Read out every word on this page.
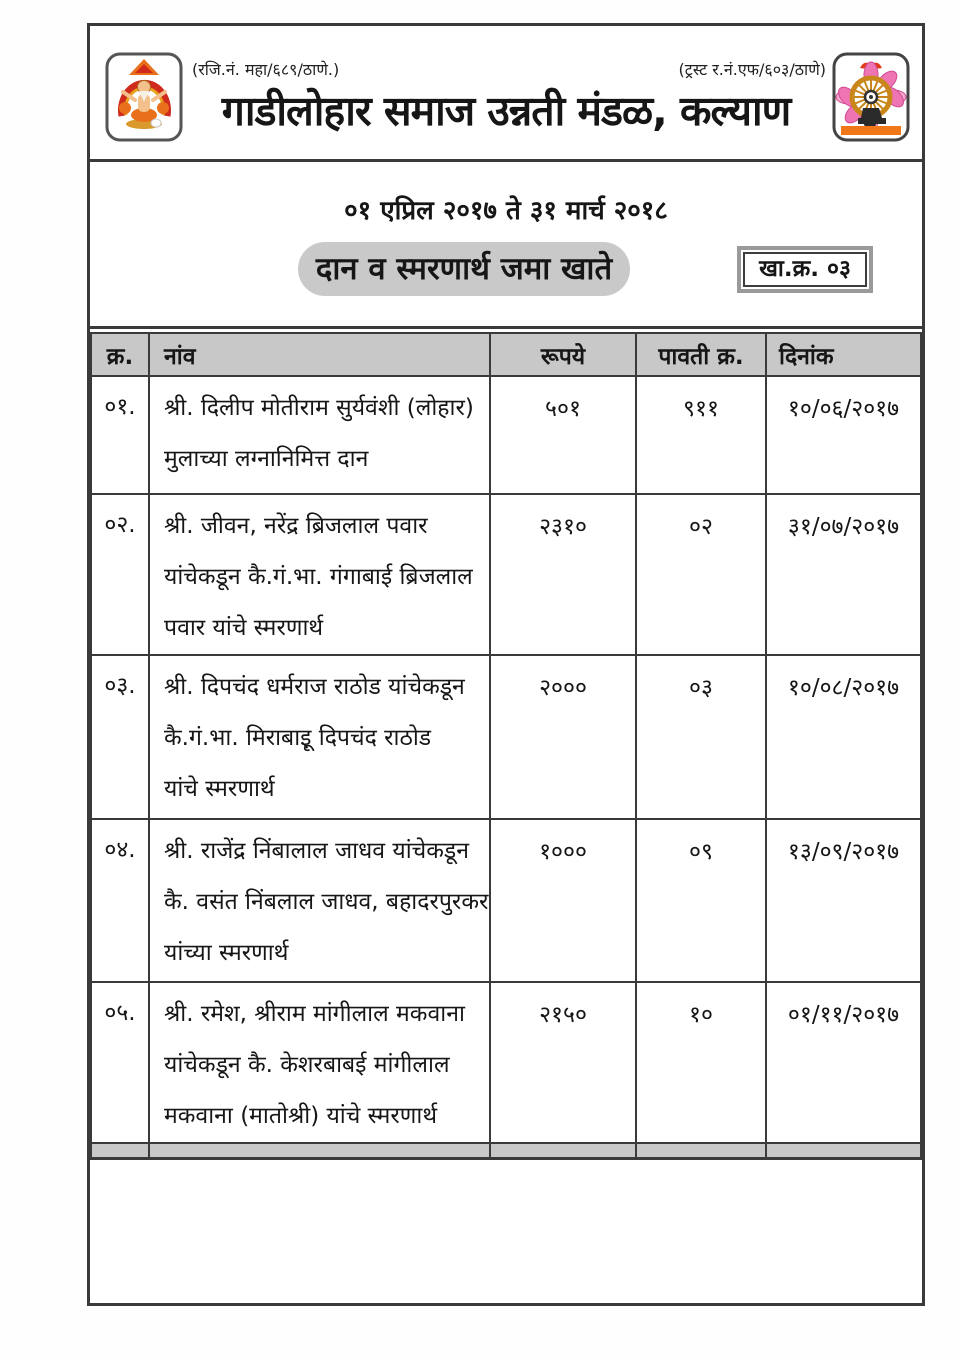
(रजि.नं. महा/६८९/ठाणे.)	(ट्रस्ट र.नं.एफ/६०३/ठाणे)
गाडीलोहार समाज उन्नती मंडळ, कल्याण
०१ एप्रिल २०१७ ते ३१ मार्च २०१८
दान व स्मरणार्थ जमा खाते	खा.क्र. ०३
क्र.	नांव	रूपये	पावती क्र.	दिनांक
०१.	श्री. दिलीप मोतीराम सुर्यवंशी (लोहार)
मुलाच्या लग्नानिमित्त दान	५०१	९११	१०/०६/२०१७
०२.	श्री. जीवन, नरेंद्र ब्रिजलाल पवार
यांचेकडून कै.गं.भा. गंगाबाई ब्रिजलाल
पवार यांचे स्मरणार्थ	२३१०	०२	३१/०७/२०१७
०३.	श्री. दिपचंद धर्मराज राठोड यांचेकडून
कै.गं.भा. मिराबाइू दिपचंद राठोड
यांचे स्मरणार्थ	२०००	०३	१०/०८/२०१७
०४.	श्री. राजेंद्र निंबालाल जाधव यांचेकडून
कै. वसंत निंबलाल जाधव, बहादरपुरकर
यांच्या स्मरणार्थ	१०००	०९	१३/०९/२०१७
०५.	श्री. रमेश, श्रीराम मांगीलाल मकवाना
यांचेकडून कै. केशरबाबई मांगीलाल
मकवाना (मातोश्री) यांचे स्मरणार्थ	२१५०	१०	०१/११/२०१७
